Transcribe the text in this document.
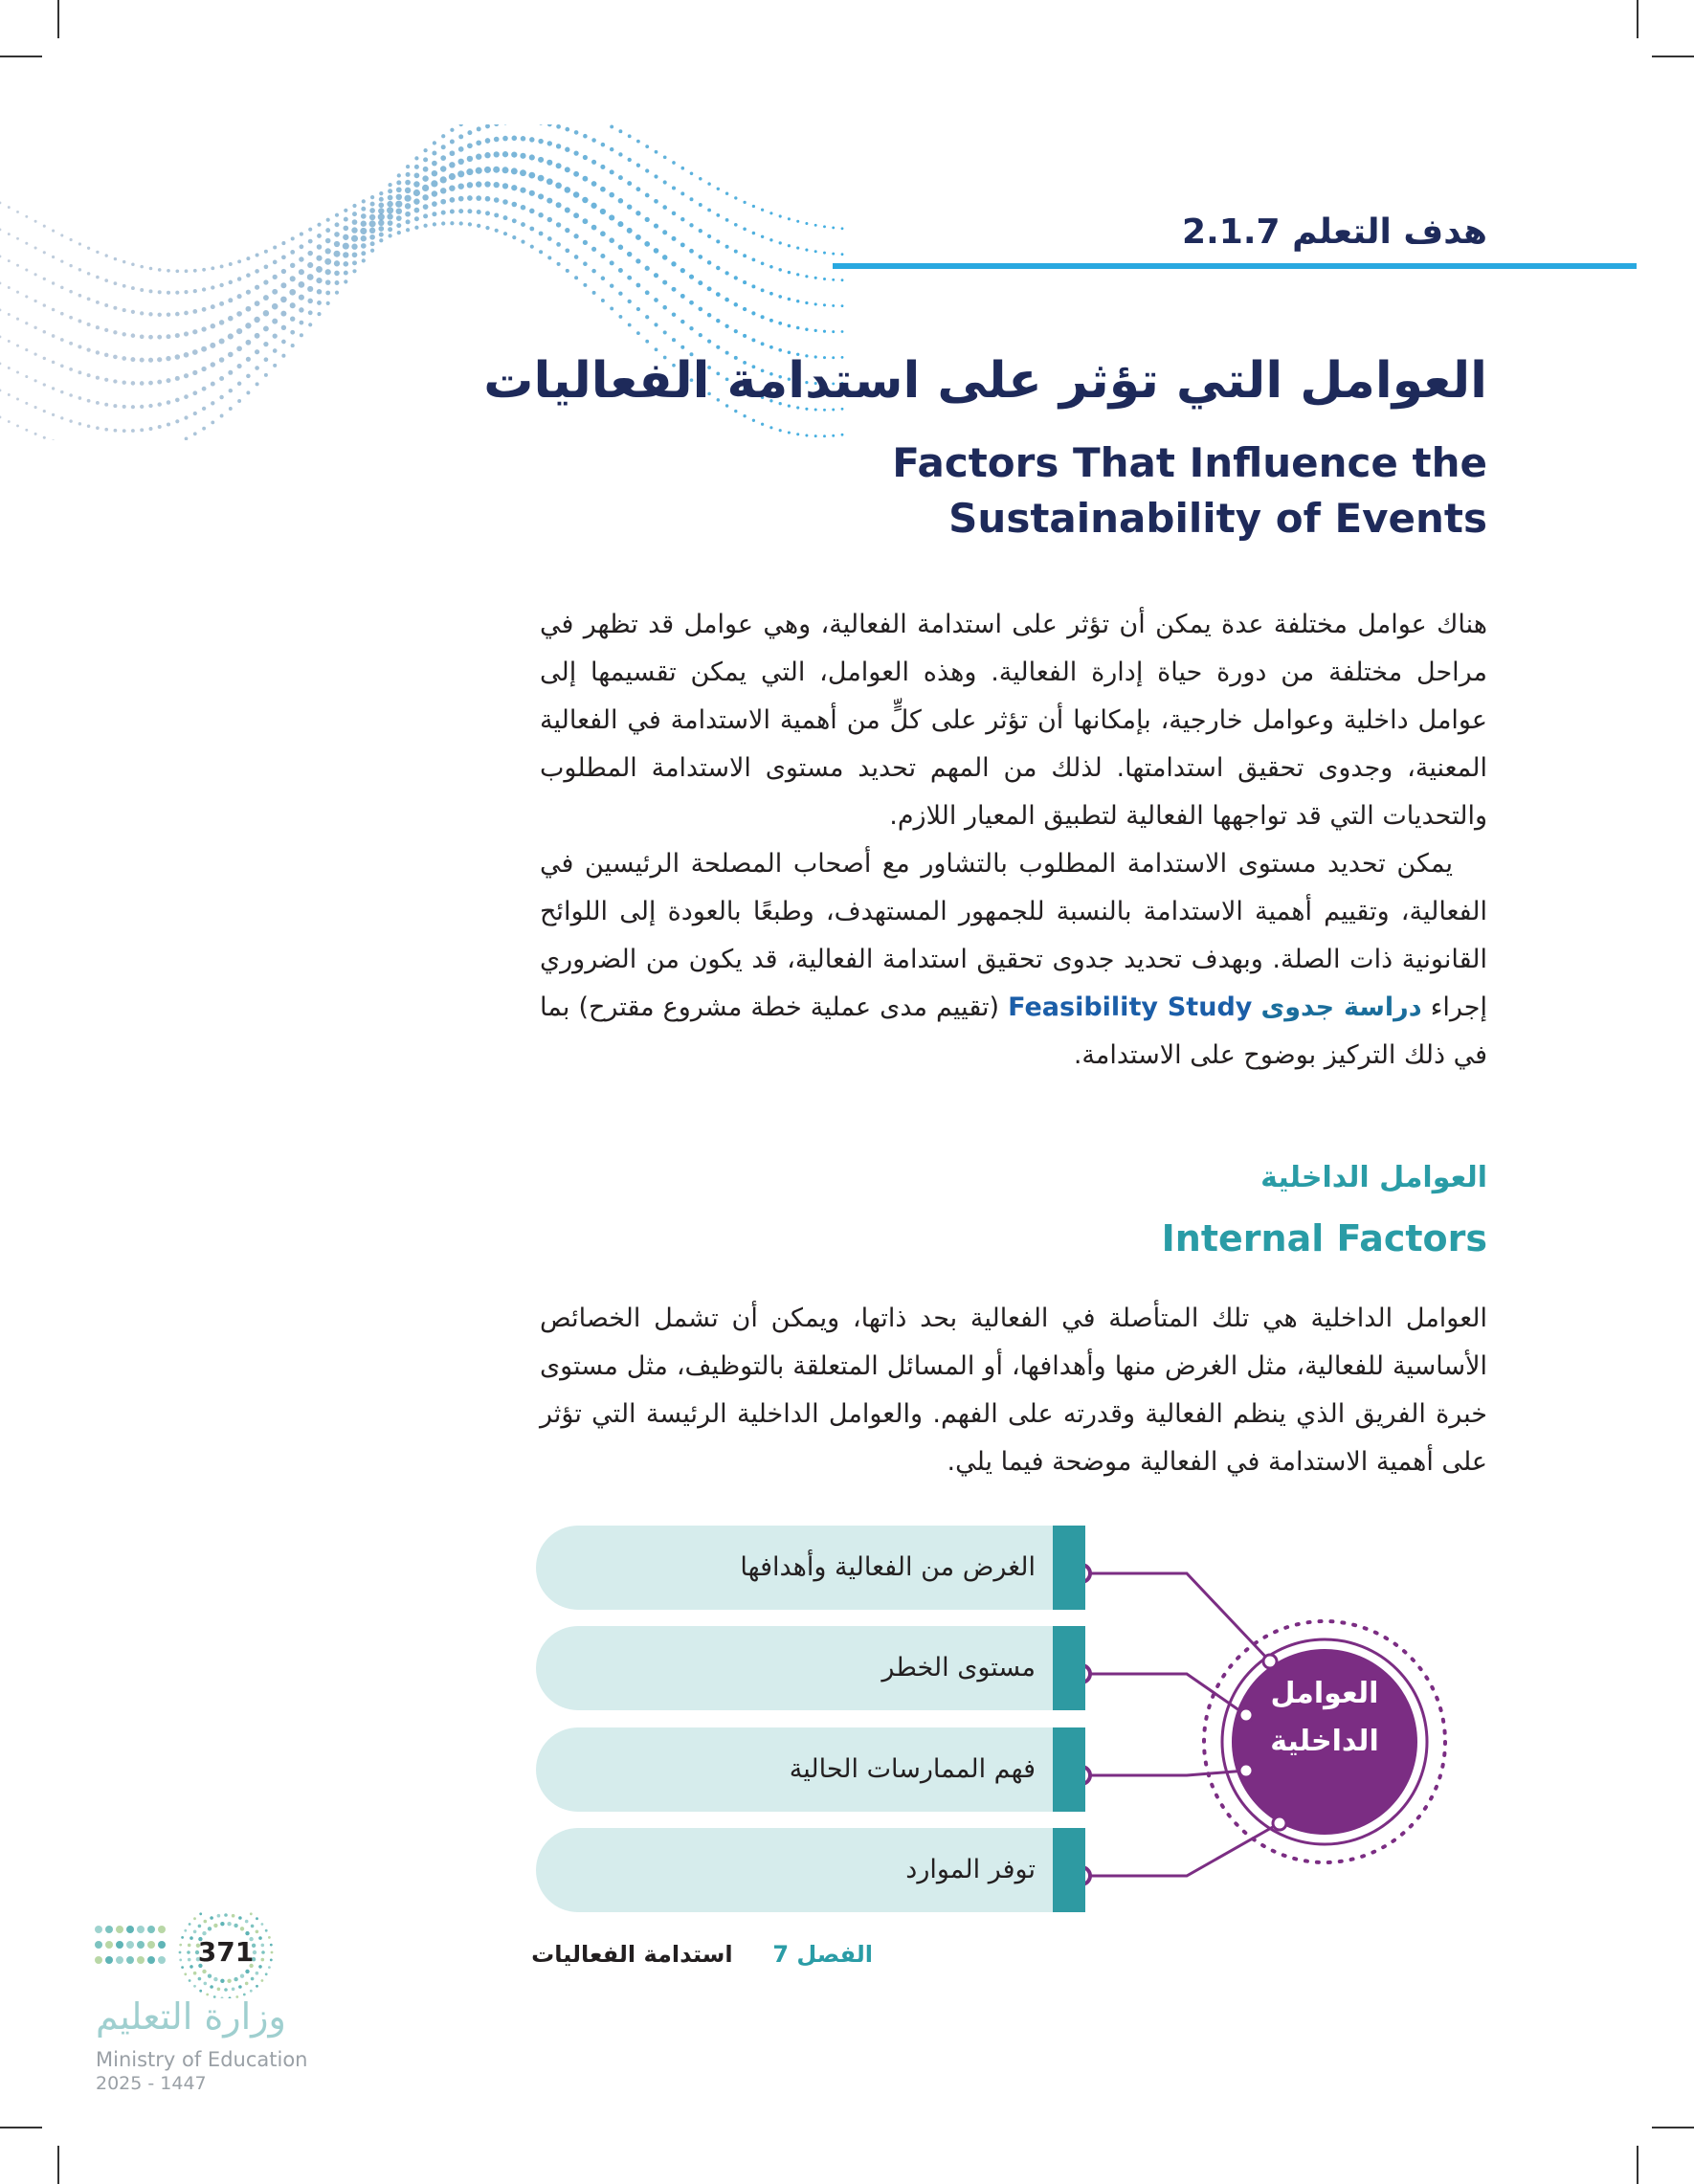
هدف التعلم 2.1.7
العوامل التي تؤثر على استدامة الفعاليات
Factors That Influence the Sustainability of Events

هناك عوامل مختلفة عدة يمكن أن تؤثر على استدامة الفعالية، وهي عوامل قد تظهر في مراحل مختلفة من دورة حياة إدارة الفعالية. وهذه العوامل، التي يمكن تقسيمها إلى عوامل داخلية وعوامل خارجية، بإمكانها أن تؤثر على كلٍّ من أهمية الاستدامة في الفعالية المعنية، وجدوى تحقيق استدامتها. لذلك من المهم تحديد مستوى الاستدامة المطلوب والتحديات التي قد تواجهها الفعالية لتطبيق المعيار اللازم.

يمكن تحديد مستوى الاستدامة المطلوب بالتشاور مع أصحاب المصلحة الرئيسين في الفعالية، وتقييم أهمية الاستدامة بالنسبة للجمهور المستهدف، وطبعًا بالعودة إلى اللوائح القانونية ذات الصلة. وبهدف تحديد جدوى تحقيق استدامة الفعالية، قد يكون من الضروري إجراء دراسة جدوى Feasibility Study (تقييم مدى عملية خطة مشروع مقترح) بما في ذلك التركيز بوضوح على الاستدامة.

العوامل الداخلية
Internal Factors

العوامل الداخلية هي تلك المتأصلة في الفعالية بحد ذاتها، ويمكن أن تشمل الخصائص الأساسية للفعالية، مثل الغرض منها وأهدافها، أو المسائل المتعلقة بالتوظيف، مثل مستوى خبرة الفريق الذي ينظم الفعالية وقدرته على الفهم. والعوامل الداخلية الرئيسة التي تؤثر على أهمية الاستدامة في الفعالية موضحة فيما يلي.

الغرض من الفعالية وأهدافها
مستوى الخطر
فهم الممارسات الحالية
توفر الموارد
العوامل
الداخلية
الفصل 7     استدامة الفعاليات
371
وزارة التعليم
Ministry of Education
2025 - 1447
